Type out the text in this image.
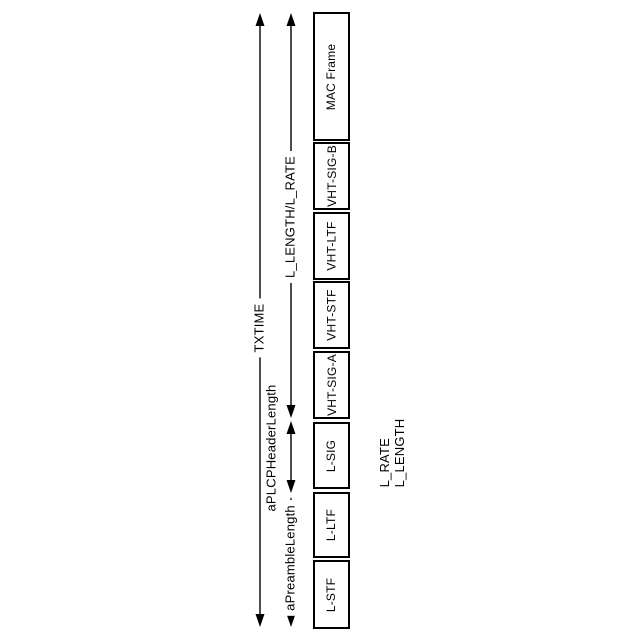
TXTIME
L_LENGTH/L_RATE
aPLCPHeaderLength
aPreambleLength
MAC Frame
VHT-SIG-B
VHT-LTF
VHT-STF
VHT-SIG-A
L-SIG
L-LTF
L-STF
L_RATE L_LENGTH
